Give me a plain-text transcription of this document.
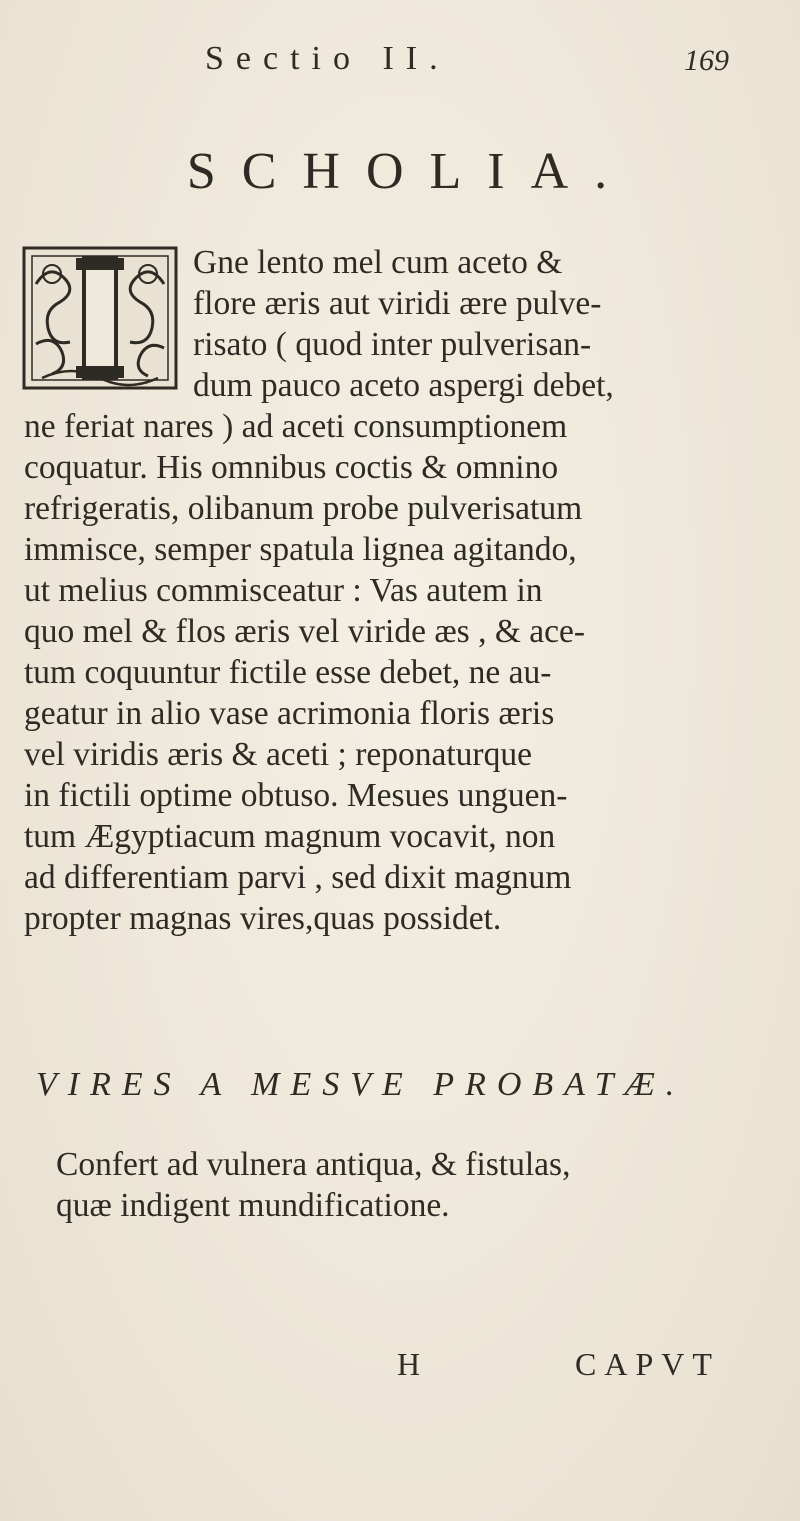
Sectio II.	169
SCHOLIA.

Gne lento mel cum aceto &
flore æris aut viridi ære pulve-
risato ( quod inter pulverisan-
dum pauco aceto aspergi debet,

ne feriat nares ) ad aceti consumptionem
coquatur. His omnibus coctis & omnino
refrigeratis, olibanum probe pulverisatum
immisce, semper spatula lignea agitando,
ut melius commisceatur : Vas autem in
quo mel & flos æris vel viride æs , & ace-
tum coquuntur fictile esse debet, ne au-
geatur in alio vase acrimonia floris æris
vel viridis æris & aceti ; reponaturque
in fictili optime obtuso. Mesues unguen-
tum Ægyptiacum magnum vocavit, non
ad differentiam parvi , sed dixit magnum
propter magnas vires,quas possidet.

VIRES A MESVE PROBATÆ.

Confert ad vulnera antiqua, & fistulas,
quæ indigent mundificatione.

H	CAPVT
